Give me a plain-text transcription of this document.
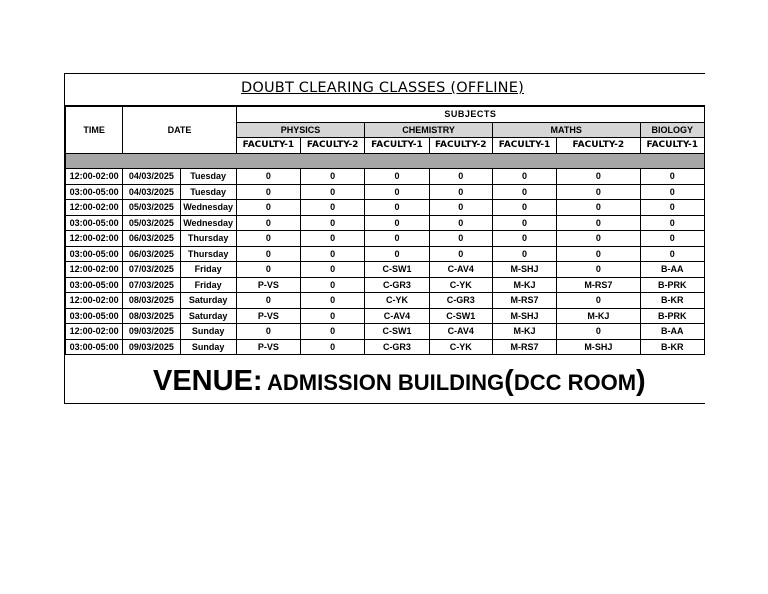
DOUBT CLEARING CLASSES (OFFLINE)
TIME	DATE		SUBJECTS						
			PHYSICS		CHEMISTRY		MATHS		BIOLOGY
			FACULTY-1	FACULTY-2	FACULTY-1	FACULTY-2	FACULTY-1	FACULTY-2	FACULTY-1

12:00-02:00	04/03/2025	Tuesday	0	0	0	0	0	0	0
03:00-05:00	04/03/2025	Tuesday	0	0	0	0	0	0	0
12:00-02:00	05/03/2025	Wednesday	0	0	0	0	0	0	0
03:00-05:00	05/03/2025	Wednesday	0	0	0	0	0	0	0
12:00-02:00	06/03/2025	Thursday	0	0	0	0	0	0	0
03:00-05:00	06/03/2025	Thursday	0	0	0	0	0	0	0
12:00-02:00	07/03/2025	Friday	0	0	C-SW1	C-AV4	M-SHJ	0	B-AA
03:00-05:00	07/03/2025	Friday	P-VS	0	C-GR3	C-YK	M-KJ	M-RS7	B-PRK
12:00-02:00	08/03/2025	Saturday	0	0	C-YK	C-GR3	M-RS7	0	B-KR
03:00-05:00	08/03/2025	Saturday	P-VS	0	C-AV4	C-SW1	M-SHJ	M-KJ	B-PRK
12:00-02:00	09/03/2025	Sunday	0	0	C-SW1	C-AV4	M-KJ	0	B-AA
03:00-05:00	09/03/2025	Sunday	P-VS	0	C-GR3	C-YK	M-RS7	M-SHJ	B-KR
VENUE: ADMISSION BUILDING(DCC ROOM)
